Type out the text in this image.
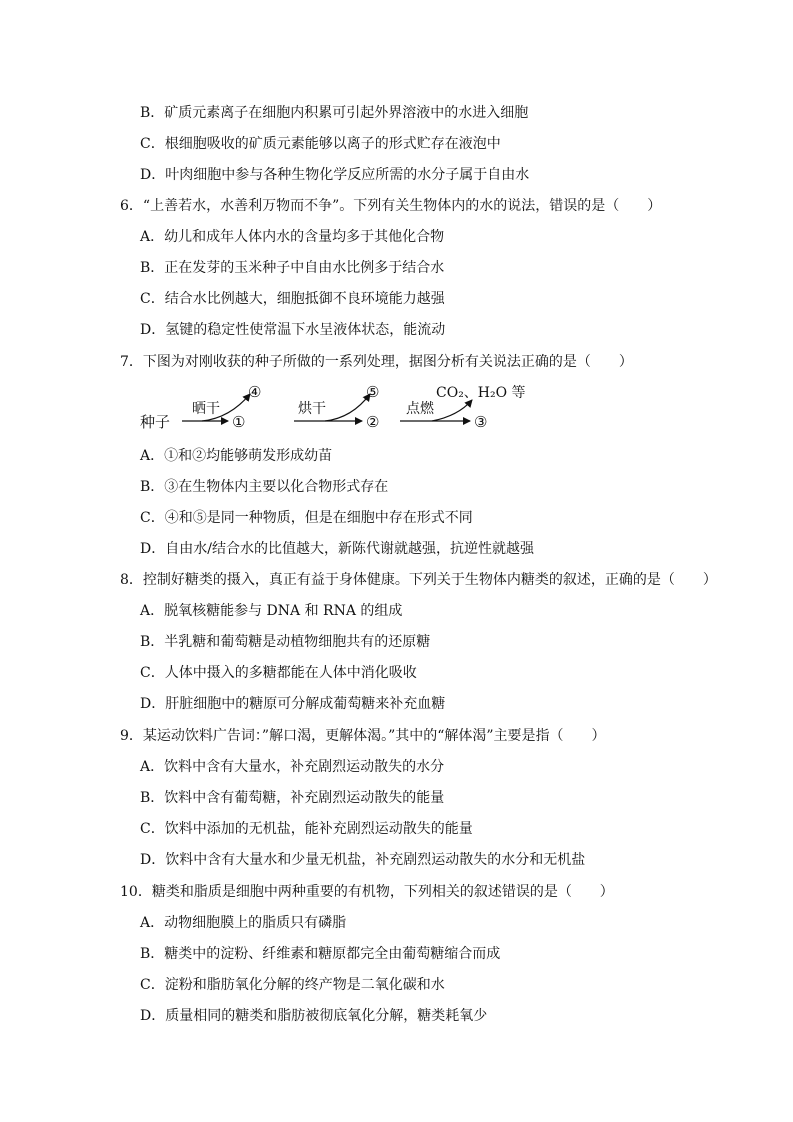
B．矿质元素离子在细胞内积累可引起外界溶液中的水进入细胞
C．根细胞吸收的矿质元素能够以离子的形式贮存在液泡中
D．叶肉细胞中参与各种生物化学反应所需的水分子属于自由水
6．“上善若水，水善利万物而不争”。下列有关生物体内的水的说法，错误的是（　　）
A．幼儿和成年人体内水的含量均多于其他化合物
B．正在发芽的玉米种子中自由水比例多于结合水
C．结合水比例越大，细胞抵御不良环境能力越强
D．氢键的稳定性使常温下水呈液体状态，能流动
7．下图为对刚收获的种子所做的一系列处理，据图分析有关说法正确的是（　　）
种子
晒干
①
④
烘干
②
⑤
点燃
③
CO₂、H₂O 等
A．①和②均能够萌发形成幼苗
B．③在生物体内主要以化合物形式存在
C．④和⑤是同一种物质，但是在细胞中存在形式不同
D．自由水/结合水的比值越大，新陈代谢就越强，抗逆性就越强
8．控制好糖类的摄入，真正有益于身体健康。下列关于生物体内糖类的叙述，正确的是（　　）
A．脱氧核糖能参与 DNA 和 RNA 的组成
B．半乳糖和葡萄糖是动植物细胞共有的还原糖
C．人体中摄入的多糖都能在人体中消化吸收
D．肝脏细胞中的糖原可分解成葡萄糖来补充血糖
9．某运动饮料广告词：”解口渴，更解体渴。”其中的“解体渴”主要是指（　　）
A．饮料中含有大量水，补充剧烈运动散失的水分
B．饮料中含有葡萄糖，补充剧烈运动散失的能量
C．饮料中添加的无机盐，能补充剧烈运动散失的能量
D．饮料中含有大量水和少量无机盐，补充剧烈运动散失的水分和无机盐
10．糖类和脂质是细胞中两种重要的有机物，下列相关的叙述错误的是（　　）
A．动物细胞膜上的脂质只有磷脂
B．糖类中的淀粉、纤维素和糖原都完全由葡萄糖缩合而成
C．淀粉和脂肪氧化分解的终产物是二氧化碳和水
D．质量相同的糖类和脂肪被彻底氧化分解，糖类耗氧少
